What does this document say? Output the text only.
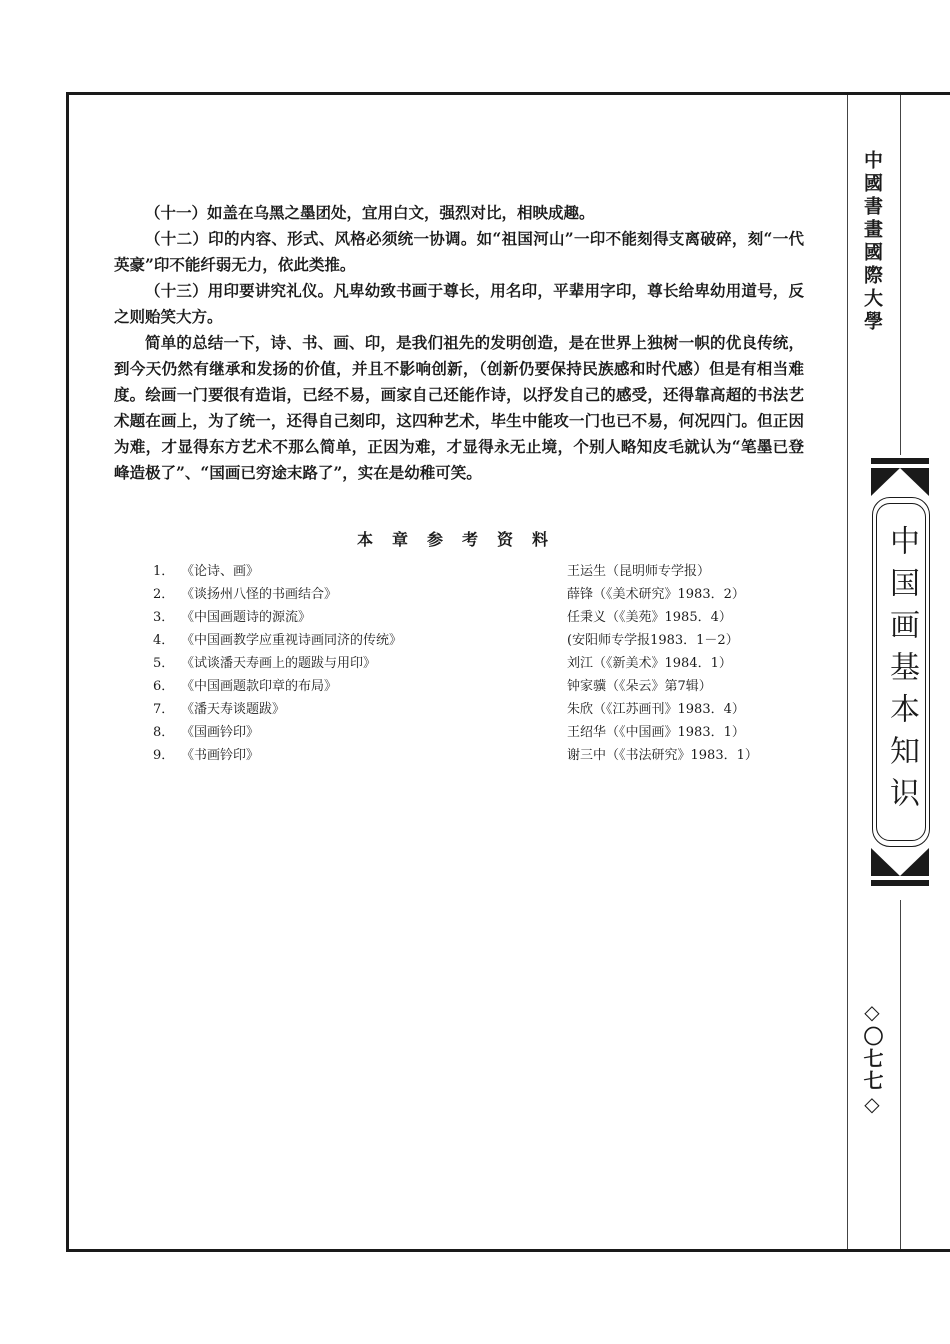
中國書畫國際大學
中国画基本知识
◇〇七七◇

（十一）如盖在乌黑之墨团处，宜用白文，强烈对比，相映成趣。

（十二）印的内容、形式、风格必须统一协调。如“祖国河山”一印不能刻得支离破碎，刻“一代英豪”印不能纤弱无力，依此类推。

（十三）用印要讲究礼仪。凡卑幼致书画于尊长，用名印，平辈用字印，尊长给卑幼用道号，反之则贻笑大方。

简单的总结一下，诗、书、画、印，是我们祖先的发明创造，是在世界上独树一帜的优良传统，到今天仍然有继承和发扬的价值，并且不影响创新，（创新仍要保持民族感和时代感）但是有相当难度。绘画一门要很有造诣，已经不易，画家自己还能作诗，以抒发自己的感受，还得靠高超的书法艺术题在画上，为了统一，还得自己刻印，这四种艺术，毕生中能攻一门也已不易，何况四门。但正因为难，才显得东方艺术不那么简单，正因为难，才显得永无止境，个别人略知皮毛就认为“笔墨已登峰造极了”、“国画已穷途末路了”，实在是幼稚可笑。

本章参考资料
1． 《论诗、画》	王运生（昆明师专学报）
2． 《谈扬州八怪的书画结合》	薛锋（《美术研究》1983．2）
3． 《中国画题诗的源流》	任秉义（《美苑》1985．4）
4． 《中国画教学应重视诗画同济的传统》	(安阳师专学报1983．1－2）
5． 《试谈潘天寿画上的题跋与用印》	刘江（《新美术》1984．1）
6． 《中国画题款印章的布局》	钟家骥（《朵云》第7辑）
7． 《潘天寿谈题跋》	朱欣（《江苏画刊》1983．4）
8． 《国画钤印》	王绍华（《中国画》1983．1）
9． 《书画钤印》	谢三中（《书法研究》1983．1）
